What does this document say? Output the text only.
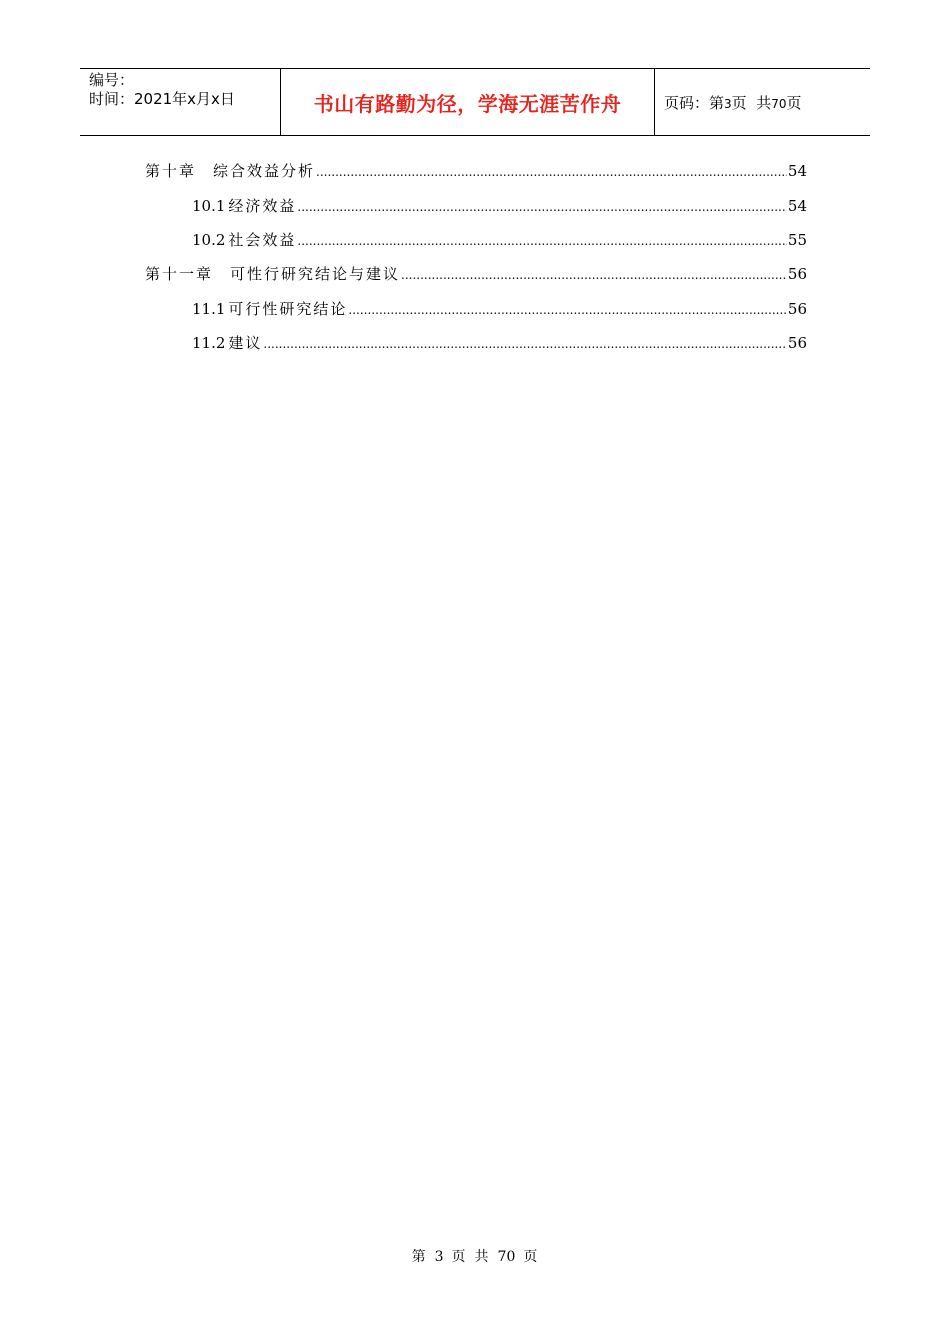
编号：
时间：2021年x月x日	书山有路勤为径，学海无涯苦作舟	页码：第3页  共70页
第十章　综合效益分析 .....	54
10.1 经济效益 .....	54
10.2 社会效益 .....	55
第十一章　可性行研究结论与建议 .....	56
11.1 可行性研究结论 .....	56
11.2 建议 .....	56
第 3 页 共 70 页
